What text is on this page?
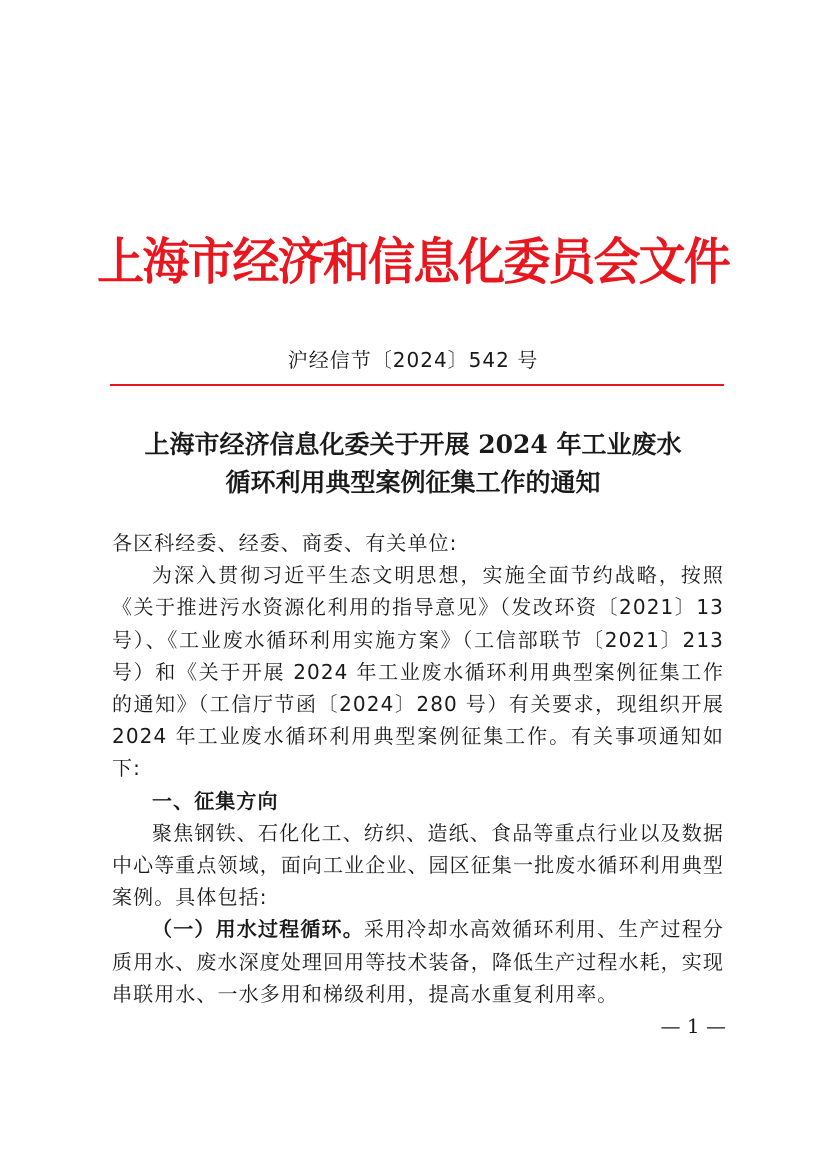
上海市经济和信息化委员会文件
沪经信节〔2024〕542 号
上海市经济信息化委关于开展 2024 年工业废水
循环利用典型案例征集工作的通知

各区科经委、经委、商委、有关单位:

为深入贯彻习近平生态文明思想，实施全面节约战略，按照《关于推进污水资源化利用的指导意见》（发改环资〔2021〕13 号）、《工业废水循环利用实施方案》（工信部联节〔2021〕213 号）和《关于开展 2024 年工业废水循环利用典型案例征集工作的通知》（工信厅节函〔2024〕280 号）有关要求，现组织开展 2024 年工业废水循环利用典型案例征集工作。有关事项通知如下:

一、征集方向

聚焦钢铁、石化化工、纺织、造纸、食品等重点行业以及数据中心等重点领域，面向工业企业、园区征集一批废水循环利用典型案例。具体包括:

（一）用水过程循环。采用冷却水高效循环利用、生产过程分质用水、废水深度处理回用等技术装备，降低生产过程水耗，实现串联用水、一水多用和梯级利用，提高水重复利用率。

— 1 —
